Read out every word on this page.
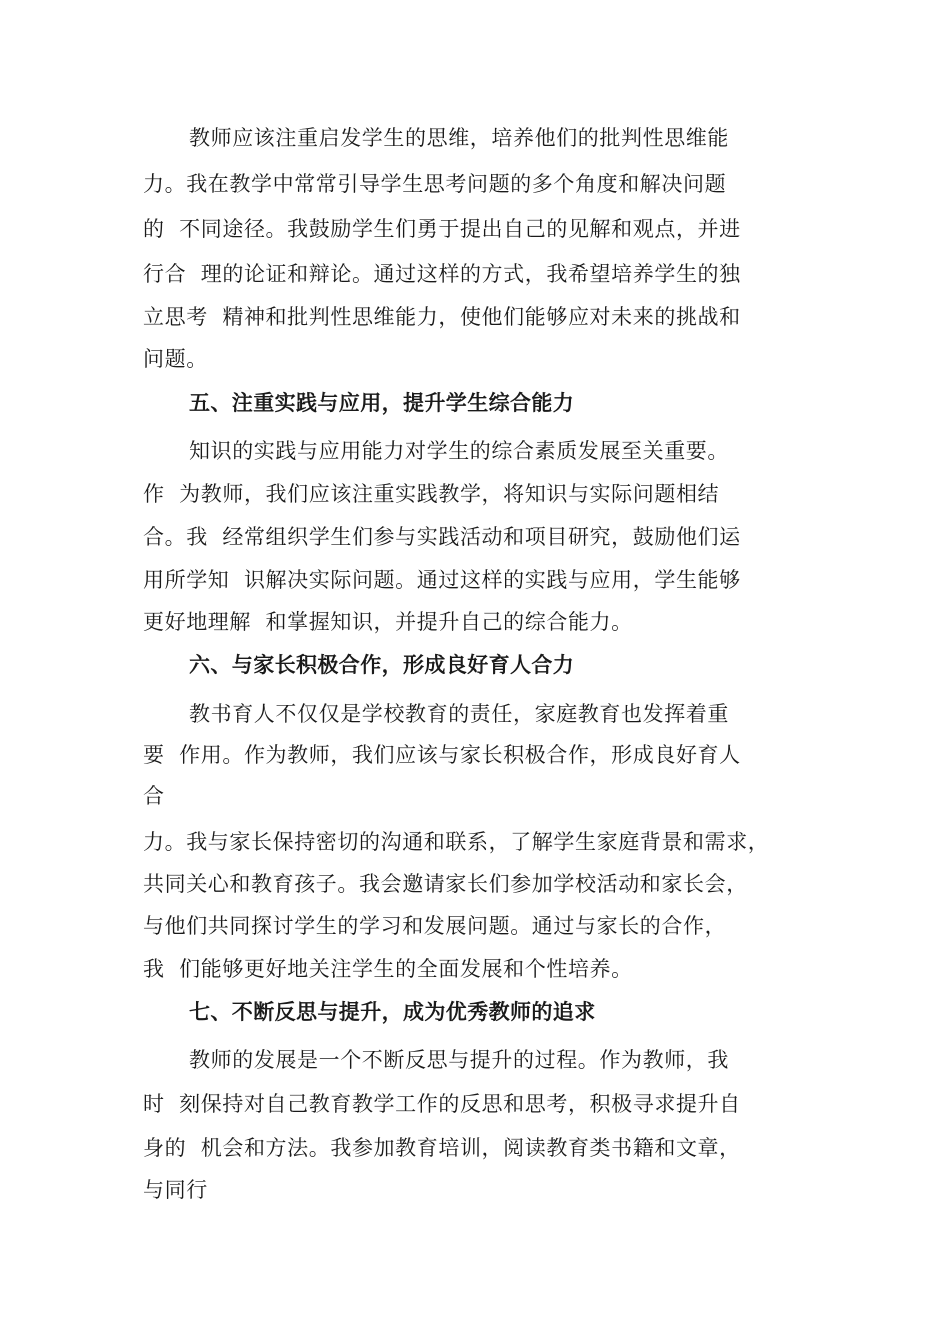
教师应该注重启发学生的思维，培养他们的批判性思维能
力。我在教学中常常引导学生思考问题的多个角度和解决问题
的  不同途径。我鼓励学生们勇于提出自己的见解和观点，并进
行合  理的论证和辩论。通过这样的方式，我希望培养学生的独
立思考  精神和批判性思维能力，使他们能够应对未来的挑战和
问题。
五、注重实践与应用，提升学生综合能力
知识的实践与应用能力对学生的综合素质发展至关重要。
作  为教师，我们应该注重实践教学，将知识与实际问题相结
合。我  经常组织学生们参与实践活动和项目研究，鼓励他们运
用所学知  识解决实际问题。通过这样的实践与应用，学生能够
更好地理解  和掌握知识，并提升自己的综合能力。
六、与家长积极合作，形成良好育人合力
教书育人不仅仅是学校教育的责任，家庭教育也发挥着重
要  作用。作为教师，我们应该与家长积极合作，形成良好育人
合
力。我与家长保持密切的沟通和联系，了解学生家庭背景和需求，
共同关心和教育孩子。我会邀请家长们参加学校活动和家长会，
与他们共同探讨学生的学习和发展问题。通过与家长的合作，
我  们能够更好地关注学生的全面发展和个性培养。
七、不断反思与提升，成为优秀教师的追求
教师的发展是一个不断反思与提升的过程。作为教师，我
时  刻保持对自己教育教学工作的反思和思考，积极寻求提升自
身的  机会和方法。我参加教育培训，阅读教育类书籍和文章，
与同行
